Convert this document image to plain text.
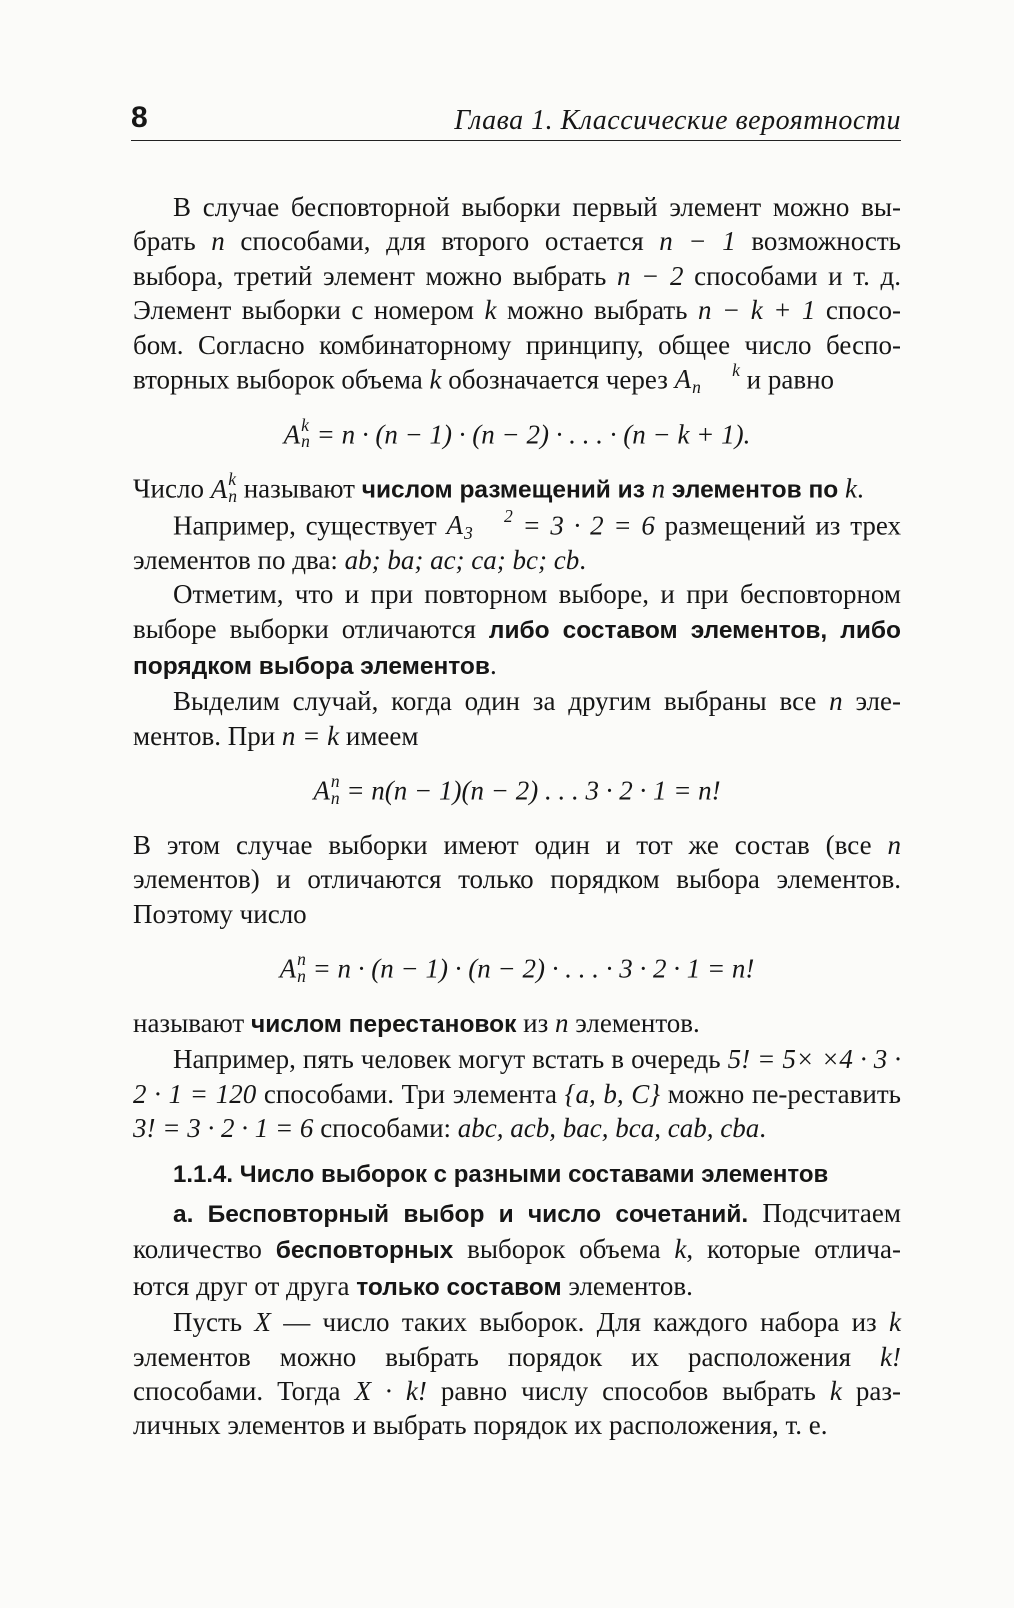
8	Глава 1. Классические вероятности

В случае бесповторной выборки первый элемент можно вы-брать n способами, для второго остается n − 1 возможность выбора, третий элемент можно выбрать n − 2 способами и т. д. Элемент выборки с номером k можно выбрать n − k + 1 спосо-бом. Согласно комбинаторному принципу, общее число беспо-вторных выборок объема k обозначается через A k
n и равно

Ak
n = n · (n − 1) · (n − 2) · . . . · (n − k + 1).

Число Ak
n называют числом размещений из n элементов по k.

Например, существует A 2
3 = 3 · 2 = 6 размещений из трех элементов по два: ab; ba; ac; ca; bc; cb.

Отметим, что и при повторном выборе, и при бесповторном выборе выборки отличаются либо составом элементов, либо порядком выбора элементов.

Выделим случай, когда один за другим выбраны все n эле-ментов. При n = k имеем

An
n = n(n − 1)(n − 2) . . . 3 · 2 · 1 = n!

В этом случае выборки имеют один и тот же состав (все n элементов) и отличаются только порядком выбора элементов. Поэтому число

An
n = n · (n − 1) · (n − 2) · . . . · 3 · 2 · 1 = n!

называют числом перестановок из n элементов.

Например, пять человек могут встать в очередь 5! = 5× ×4 · 3 · 2 · 1 = 120 способами. Три элемента {a, b, C} можно пе-реставить 3! = 3 · 2 · 1 = 6 способами: abc, acb, bac, bca, cab, cba.

1.1.4. Число выборок с разными составами элементов

а. Бесповторный выбор и число сочетаний. Подсчитаем количество бесповторных выборок объема k, которые отлича-ются друг от друга только составом элементов.

Пусть X — число таких выборок. Для каждого набора из k элементов можно выбрать порядок их расположения k! способами. Тогда X · k! равно числу способов выбрать k раз-личных элементов и выбрать порядок их расположения, т. е.
